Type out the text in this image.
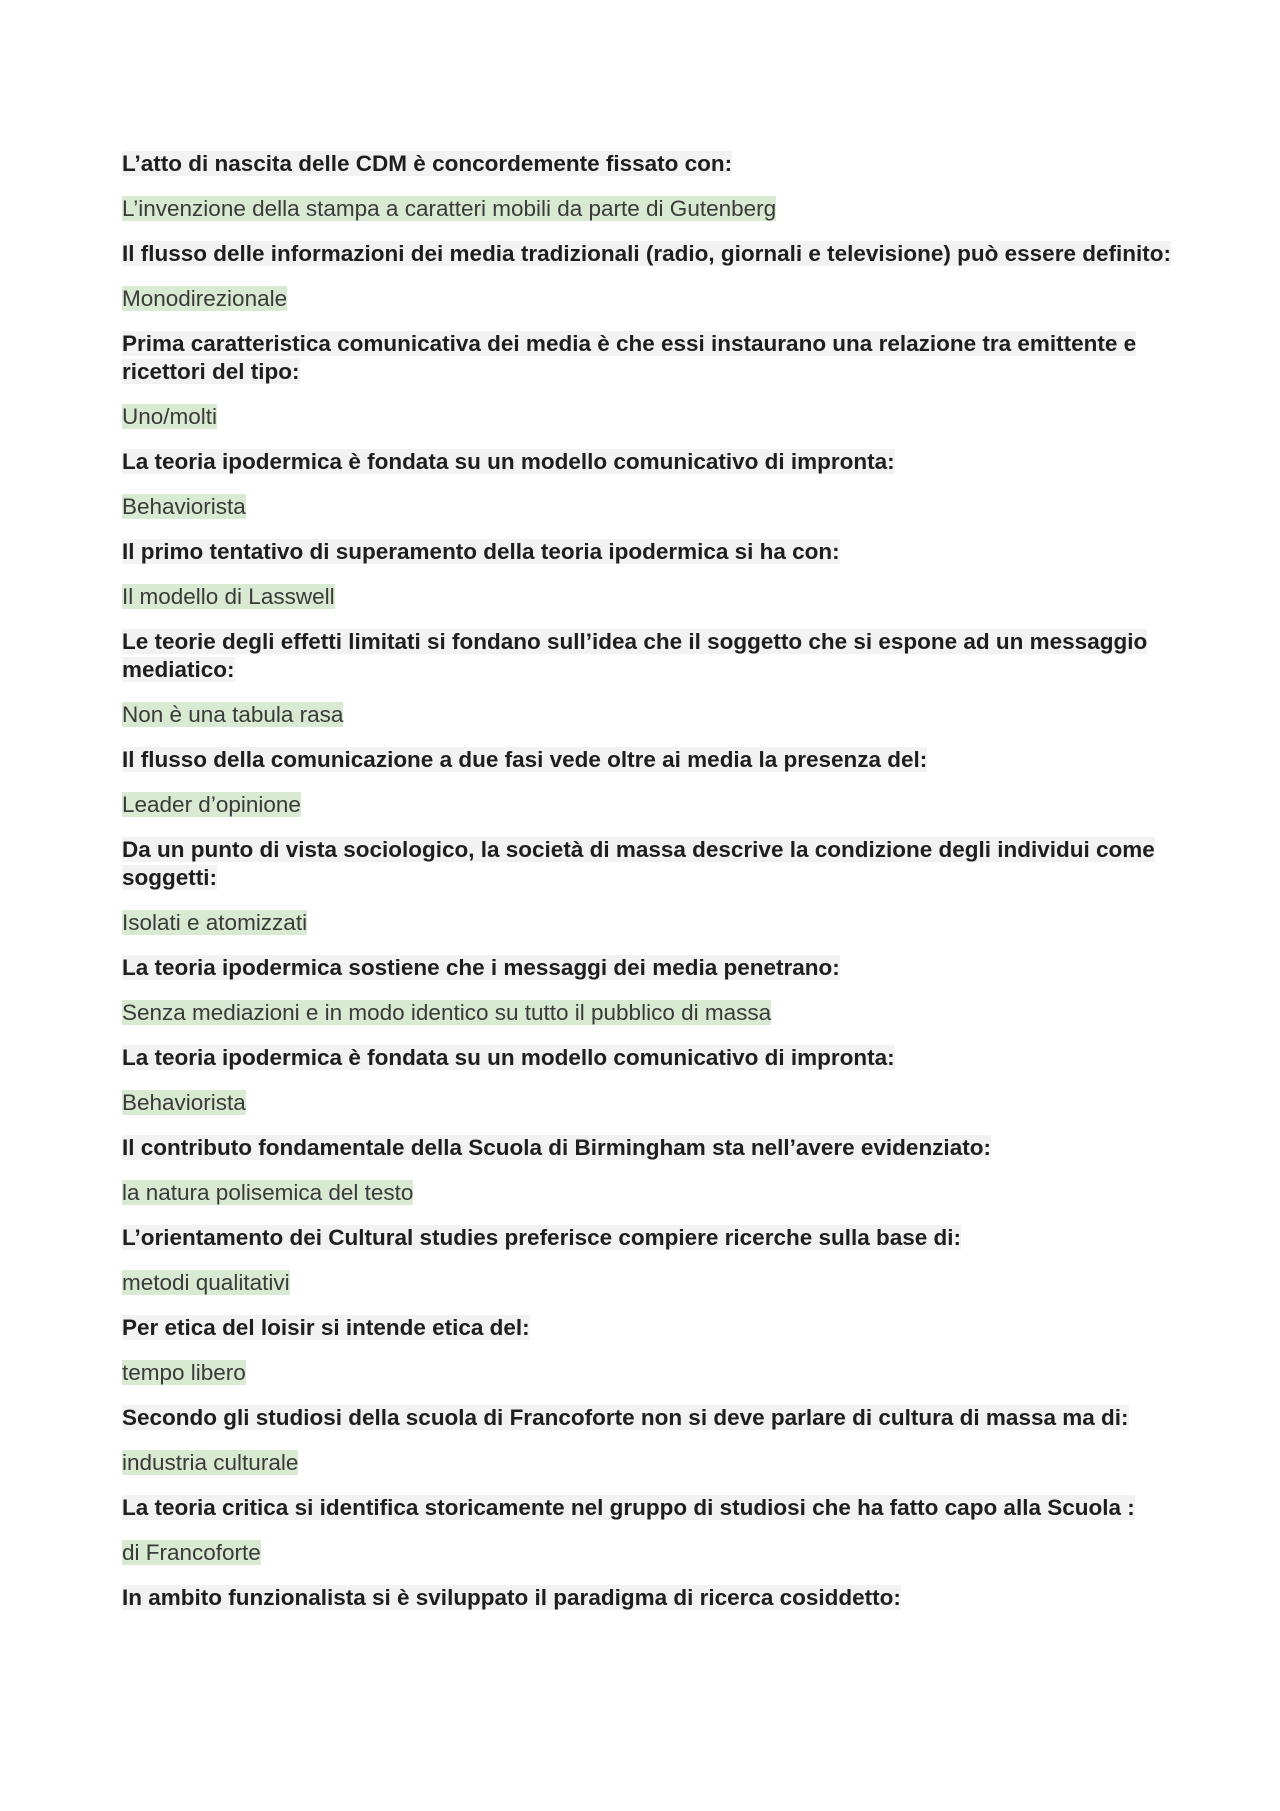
L’atto di nascita delle CDM è concordemente fissato con:

L’invenzione della stampa a caratteri mobili da parte di Gutenberg

Il flusso delle informazioni dei media tradizionali (radio, giornali e televisione) può essere definito:

Monodirezionale

Prima caratteristica comunicativa dei media è che essi instaurano una relazione tra emittente e ricettori del tipo:

Uno/molti

La teoria ipodermica è fondata su un modello comunicativo di impronta:

Behaviorista

Il primo tentativo di superamento della teoria ipodermica si ha con:

Il modello di Lasswell

Le teorie degli effetti limitati si fondano sull’idea che il soggetto che si espone ad un messaggio mediatico:

Non è una tabula rasa

Il flusso della comunicazione a due fasi vede oltre ai media la presenza del:

Leader d’opinione

Da un punto di vista sociologico, la società di massa descrive la condizione degli individui come soggetti:

Isolati e atomizzati

La teoria ipodermica sostiene che i messaggi dei media penetrano:

Senza mediazioni e in modo identico su tutto il pubblico di massa

La teoria ipodermica è fondata su un modello comunicativo di impronta:

Behaviorista

Il contributo fondamentale della Scuola di Birmingham sta nell’avere evidenziato:

la natura polisemica del testo

L’orientamento dei Cultural studies preferisce compiere ricerche sulla base di:

metodi qualitativi

Per etica del loisir si intende etica del:

tempo libero

Secondo gli studiosi della scuola di Francoforte non si deve parlare di cultura di massa ma di:

industria culturale

La teoria critica si identifica storicamente nel gruppo di studiosi che ha fatto capo alla Scuola :

di Francoforte

In ambito funzionalista si è sviluppato il paradigma di ricerca cosiddetto:
